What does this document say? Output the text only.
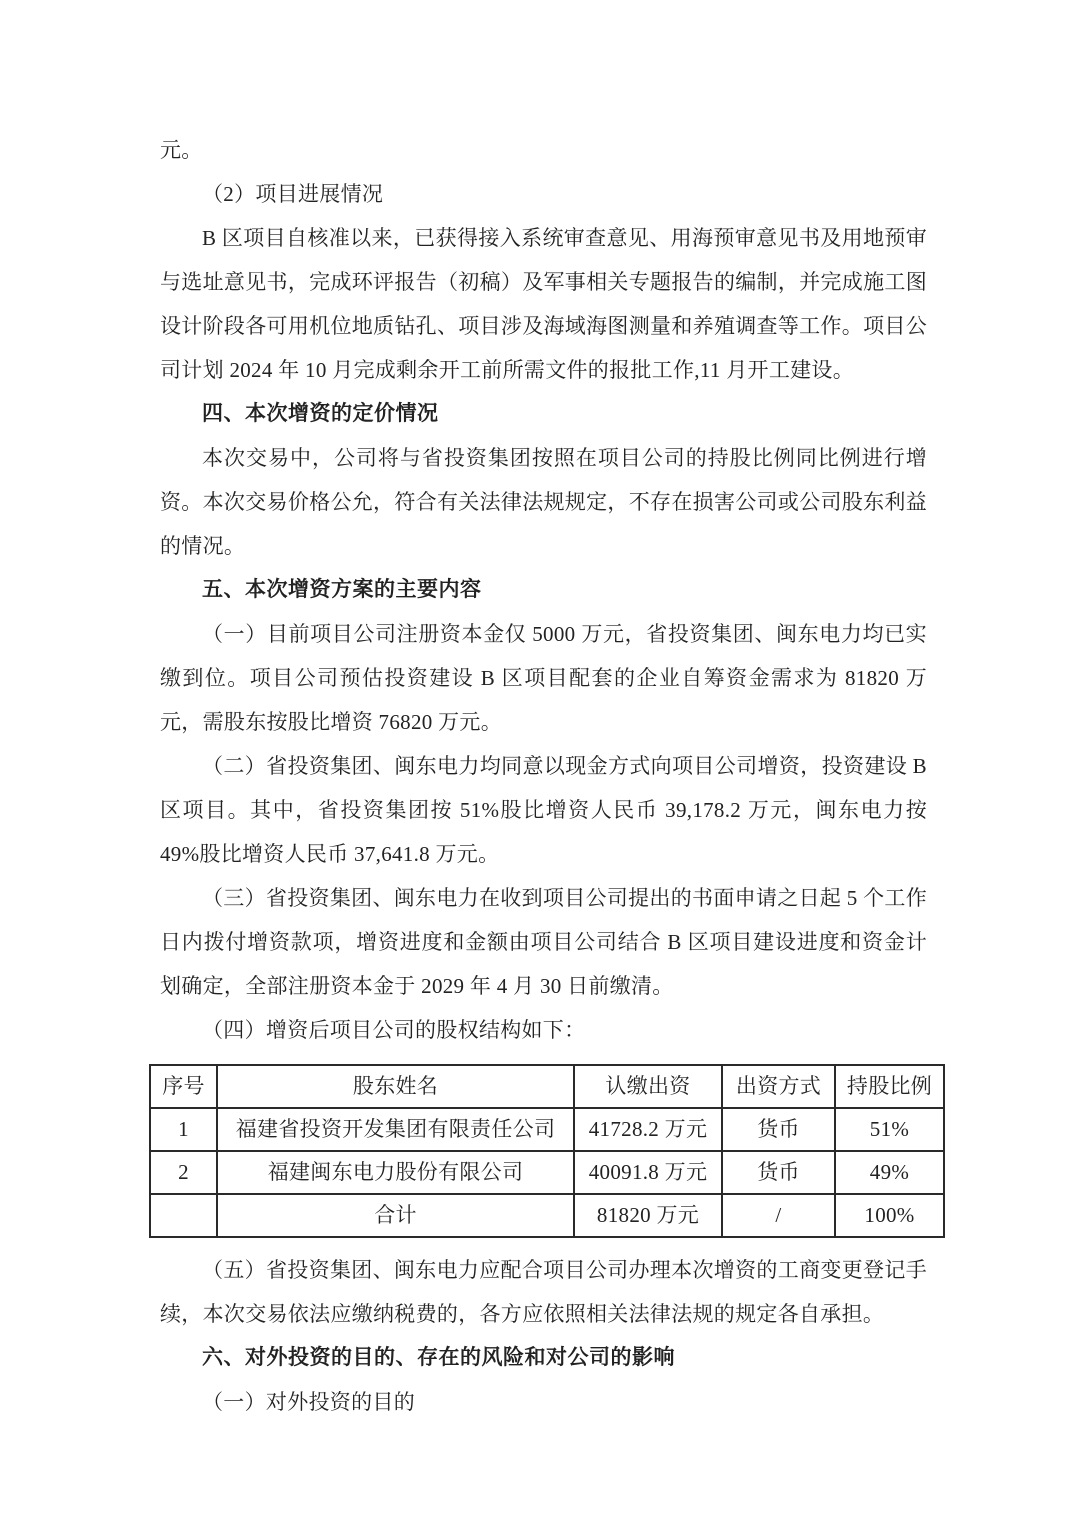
元。

（2）项目进展情况

B 区项目自核准以来，已获得接入系统审查意见、用海预审意见书及用地预审与选址意见书，完成环评报告（初稿）及军事相关专题报告的编制，并完成施工图设计阶段各可用机位地质钻孔、项目涉及海域海图测量和养殖调查等工作。项目公司计划 2024 年 10 月完成剩余开工前所需文件的报批工作,11 月开工建设。

四、本次增资的定价情况

本次交易中，公司将与省投资集团按照在项目公司的持股比例同比例进行增资。本次交易价格公允，符合有关法律法规规定，不存在损害公司或公司股东利益的情况。

五、本次增资方案的主要内容

（一）目前项目公司注册资本金仅 5000 万元，省投资集团、闽东电力均已实缴到位。项目公司预估投资建设 B 区项目配套的企业自筹资金需求为 81820 万元，需股东按股比增资 76820 万元。

（二）省投资集团、闽东电力均同意以现金方式向项目公司增资，投资建设 B 区项目。其中，省投资集团按 51%股比增资人民币 39,178.2 万元，闽东电力按 49%股比增资人民币 37,641.8 万元。

（三）省投资集团、闽东电力在收到项目公司提出的书面申请之日起 5 个工作日内拨付增资款项，增资进度和金额由项目公司结合 B 区项目建设进度和资金计划确定，全部注册资本金于 2029 年 4 月 30 日前缴清。

（四）增资后项目公司的股权结构如下：

序号	股东姓名	认缴出资	出资方式	持股比例
1	福建省投资开发集团有限责任公司	41728.2 万元	货币	51%
2	福建闽东电力股份有限公司	40091.8 万元	货币	49%
	合计	81820 万元	/	100%

（五）省投资集团、闽东电力应配合项目公司办理本次增资的工商变更登记手续，本次交易依法应缴纳税费的，各方应依照相关法律法规的规定各自承担。

六、对外投资的目的、存在的风险和对公司的影响

（一）对外投资的目的
